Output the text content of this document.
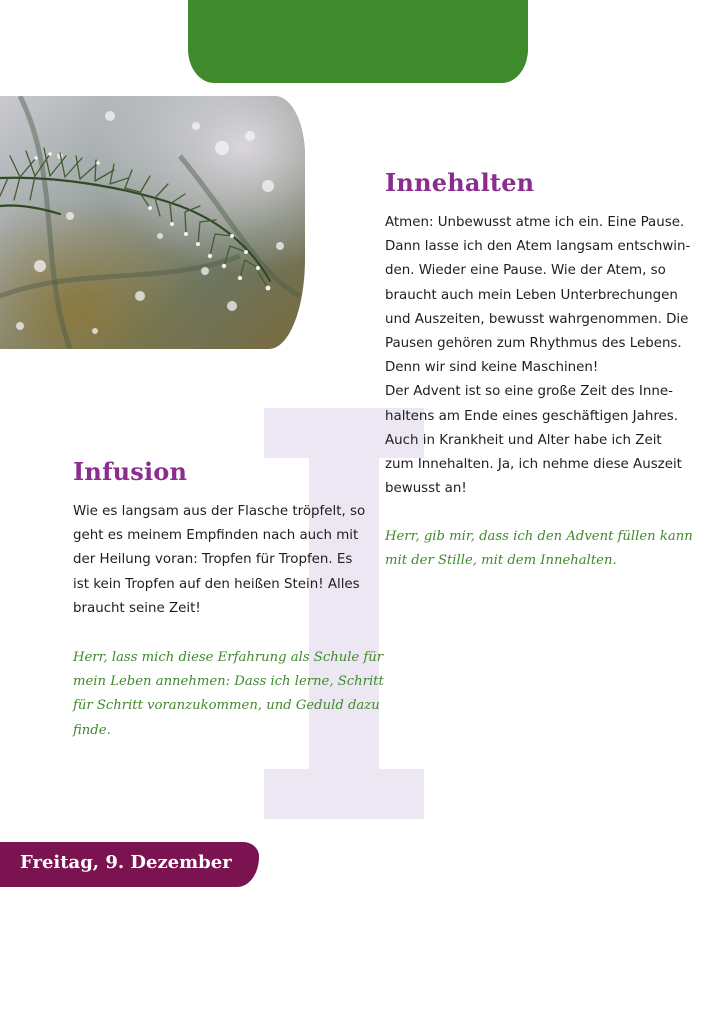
Innehalten
Atmen: Unbewusst atme ich ein. Eine Pause.
Dann lasse ich den Atem langsam entschwin-
den. Wieder eine Pause. Wie der Atem, so
braucht auch mein Leben Unterbrechungen
und Auszeiten, bewusst wahrgenommen. Die
Pausen gehören zum Rhythmus des Lebens.
Denn wir sind keine Maschinen!
Der Advent ist so eine große Zeit des Inne-
haltens am Ende eines geschäftigen Jahres.
Auch in Krankheit und Alter habe ich Zeit
zum Innehalten. Ja, ich nehme diese Auszeit
bewusst an!
Herr, gib mir, dass ich den Advent füllen kann
mit der Stille, mit dem Innehalten.
Infusion
Wie es langsam aus der Flasche tröpfelt, so
geht es meinem Empfinden nach auch mit
der Heilung voran: Tropfen für Tropfen. Es
ist kein Tropfen auf den heißen Stein! Alles
braucht seine Zeit!
Herr, lass mich diese Erfahrung als Schule für
mein Leben annehmen: Dass ich lerne, Schritt
für Schritt voranzukommen, und Geduld dazu
finde.

Freitag, 9. Dezember
